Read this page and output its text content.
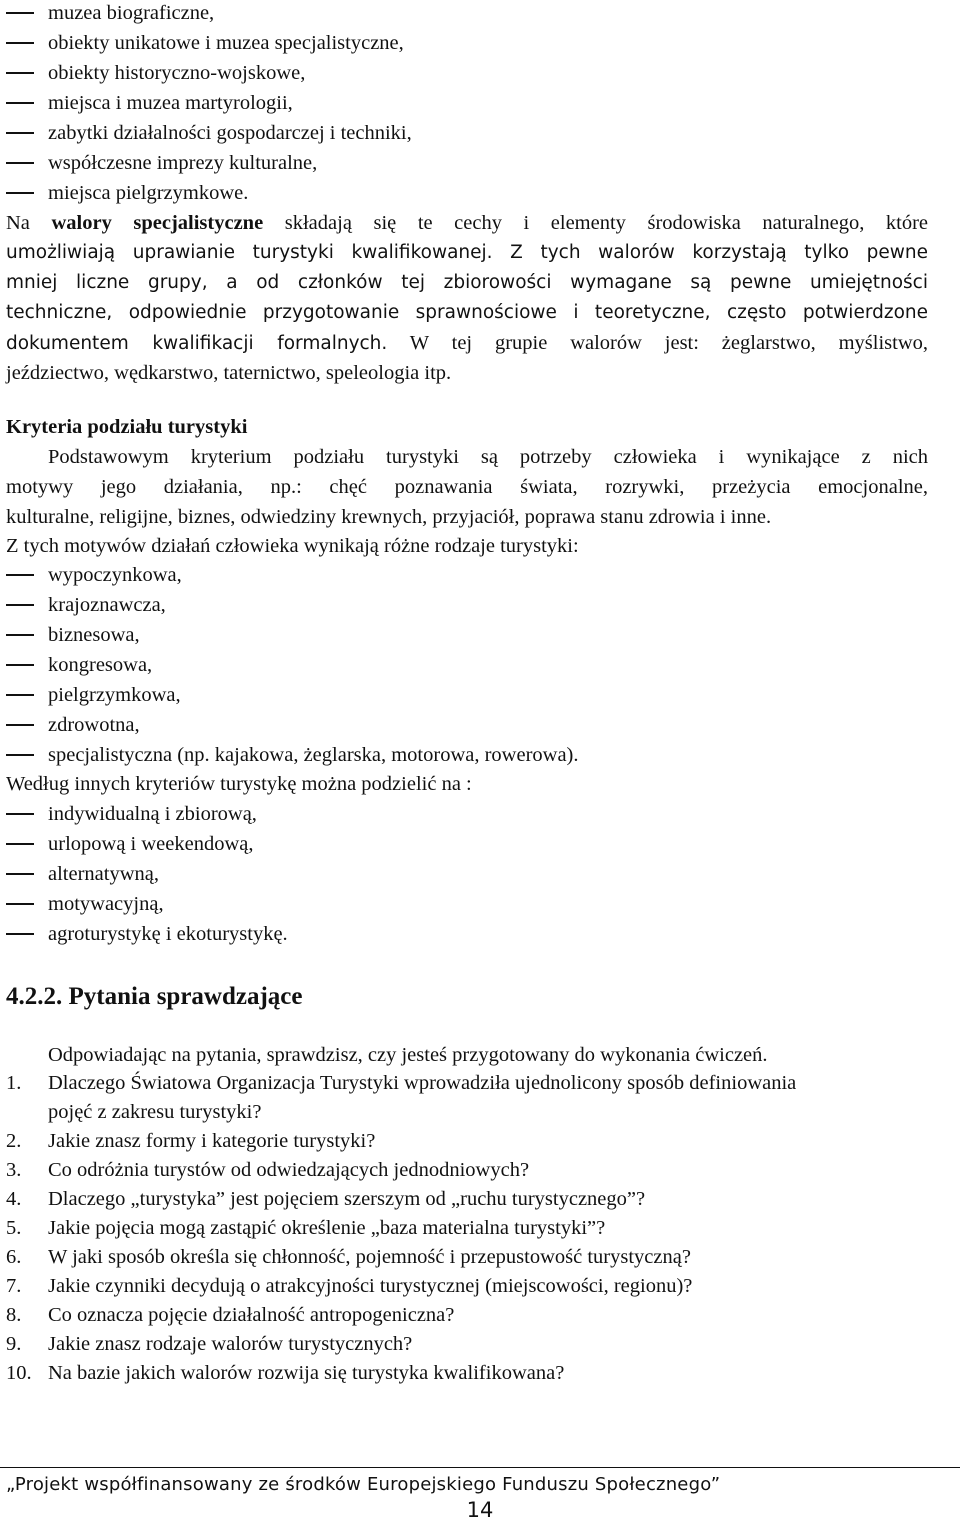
muzea biograficzne,
obiekty unikatowe i muzea specjalistyczne,
obiekty historyczno-wojskowe,
miejsca i muzea martyrologii,
zabytki działalności gospodarczej i techniki,
współczesne imprezy kulturalne,
miejsca pielgrzymkowe.
Na walory specjalistyczne składają się te cechy i elementy środowiska naturalnego, które
umożliwiają uprawianie turystyki kwalifikowanej. Z tych walorów korzystają tylko pewne
mniej liczne grupy, a od członków tej zbiorowości wymagane są pewne umiejętności
techniczne, odpowiednie przygotowanie sprawnościowe i teoretyczne, często potwierdzone
dokumentem kwalifikacji formalnych. W tej grupie walorów jest: żeglarstwo, myślistwo,
jeździectwo, wędkarstwo, taternictwo, speleologia itp.
Kryteria podziału turystyki
Podstawowym kryterium podziału turystyki są potrzeby człowieka i wynikające z nich
motywy jego działania, np.: chęć poznawania świata, rozrywki, przeżycia emocjonalne,
kulturalne, religijne, biznes, odwiedziny krewnych, przyjaciół, poprawa stanu zdrowia i inne.
Z tych motywów działań człowieka wynikają różne rodzaje turystyki:
wypoczynkowa,
krajoznawcza,
biznesowa,
kongresowa,
pielgrzymkowa,
zdrowotna,
specjalistyczna (np. kajakowa, żeglarska, motorowa, rowerowa).
Według innych kryteriów turystykę można podzielić na :
indywidualną i zbiorową,
urlopową i weekendową,
alternatywną,
motywacyjną,
agroturystykę i ekoturystykę.
4.2.2. Pytania sprawdzające
Odpowiadając na pytania, sprawdzisz, czy jesteś przygotowany do wykonania ćwiczeń.
1.	Dlaczego Światowa Organizacja Turystyki wprowadziła ujednolicony sposób definiowania
pojęć z zakresu turystyki?
2.	Jakie znasz formy i kategorie turystyki?
3.	Co odróżnia turystów od odwiedzających jednodniowych?
4.	Dlaczego „turystyka” jest pojęciem szerszym od „ruchu turystycznego”?
5.	Jakie pojęcia mogą zastąpić określenie „baza materialna turystyki”?
6.	W jaki sposób określa się chłonność, pojemność i przepustowość turystyczną?
7.	Jakie czynniki decydują o atrakcyjności turystycznej (miejscowości, regionu)?
8.	Co oznacza pojęcie działalność antropogeniczna?
9.	Jakie znasz rodzaje walorów turystycznych?
10. Na bazie jakich walorów rozwija się turystyka kwalifikowana?
„Projekt współfinansowany ze środków Europejskiego Funduszu Społecznego”
14
